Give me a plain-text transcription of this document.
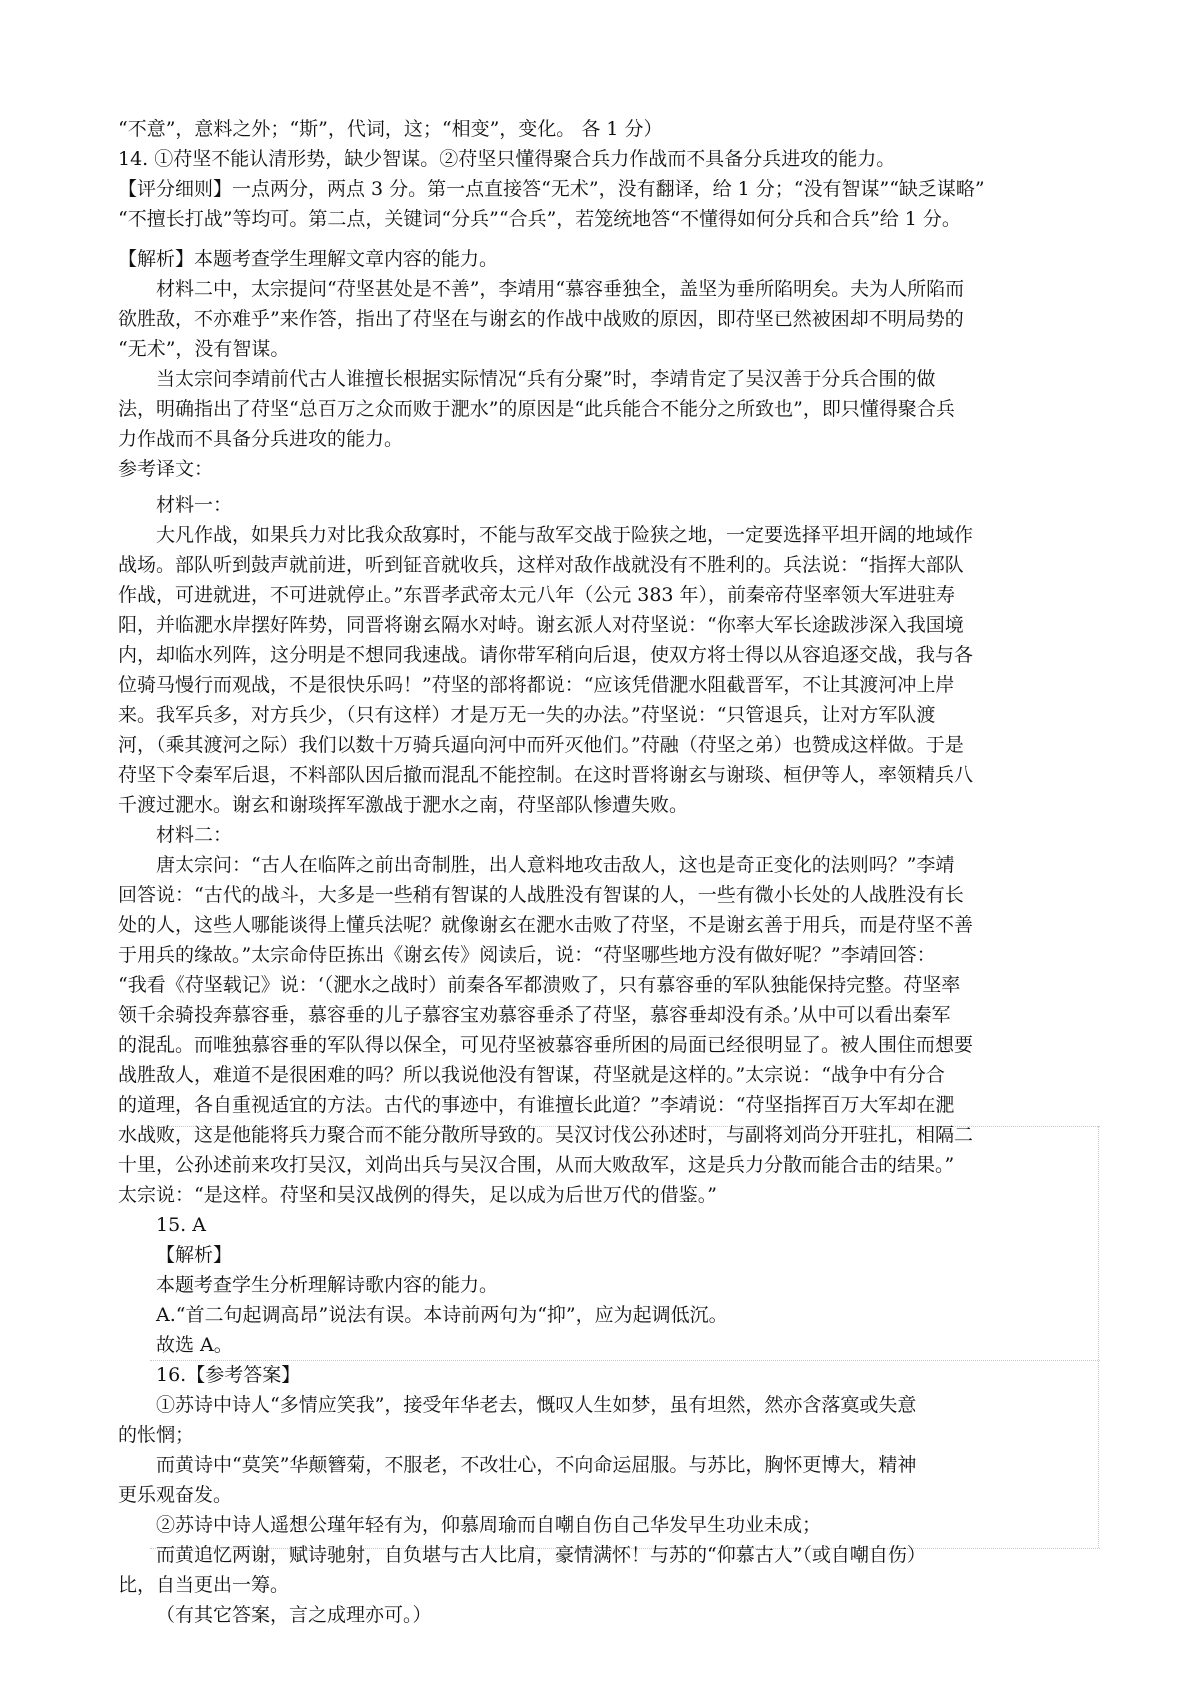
“不意”，意料之外；“斯”，代词，这；“相变”，变化。 各 1 分）

14. ①苻坚不能认清形势，缺少智谋。②苻坚只懂得聚合兵力作战而不具备分兵进攻的能力。

【评分细则】一点两分，两点 3 分。第一点直接答“无术”，没有翻译，给 1 分；“没有智谋”“缺乏谋略”

“不擅长打战”等均可。第二点，关键词“分兵”“合兵”，若笼统地答“不懂得如何分兵和合兵”给 1 分。

【解析】本题考查学生理解文章内容的能力。

材料二中，太宗提问“苻坚甚处是不善”，李靖用“慕容垂独全，盖坚为垂所陷明矣。夫为人所陷而

欲胜敌，不亦难乎”来作答，指出了苻坚在与谢玄的作战中战败的原因，即苻坚已然被困却不明局势的

“无术”，没有智谋。

当太宗问李靖前代古人谁擅长根据实际情况“兵有分聚”时，李靖肯定了吴汉善于分兵合围的做

法，明确指出了苻坚“总百万之众而败于淝水”的原因是“此兵能合不能分之所致也”，即只懂得聚合兵

力作战而不具备分兵进攻的能力。

参考译文：

材料一：

大凡作战，如果兵力对比我众敌寡时，不能与敌军交战于险狭之地，一定要选择平坦开阔的地域作

战场。部队听到鼓声就前进，听到钲音就收兵，这样对敌作战就没有不胜利的。兵法说：“指挥大部队

作战，可进就进，不可进就停止。”东晋孝武帝太元八年（公元 383 年），前秦帝苻坚率领大军进驻寿

阳，并临淝水岸摆好阵势，同晋将谢玄隔水对峙。谢玄派人对苻坚说：“你率大军长途跋涉深入我国境

内，却临水列阵，这分明是不想同我速战。请你带军稍向后退，使双方将士得以从容追逐交战，我与各

位骑马慢行而观战，不是很快乐吗！”苻坚的部将都说：“应该凭借淝水阻截晋军，不让其渡河冲上岸

来。我军兵多，对方兵少，（只有这样）才是万无一失的办法。”苻坚说：“只管退兵，让对方军队渡

河，（乘其渡河之际）我们以数十万骑兵逼向河中而歼灭他们。”苻融（苻坚之弟）也赞成这样做。于是

苻坚下令秦军后退，不料部队因后撤而混乱不能控制。在这时晋将谢玄与谢琰、桓伊等人，率领精兵八

千渡过淝水。谢玄和谢琰挥军激战于淝水之南，苻坚部队惨遭失败。

材料二：

唐太宗问：“古人在临阵之前出奇制胜，出人意料地攻击敌人，这也是奇正变化的法则吗？”李靖

回答说：“古代的战斗，大多是一些稍有智谋的人战胜没有智谋的人，一些有微小长处的人战胜没有长

处的人，这些人哪能谈得上懂兵法呢？就像谢玄在淝水击败了苻坚，不是谢玄善于用兵，而是苻坚不善

于用兵的缘故。”太宗命侍臣拣出《谢玄传》阅读后，说：“苻坚哪些地方没有做好呢？”李靖回答：

“我看《苻坚载记》说：‘（淝水之战时）前秦各军都溃败了，只有慕容垂的军队独能保持完整。苻坚率

领千余骑投奔慕容垂，慕容垂的儿子慕容宝劝慕容垂杀了苻坚，慕容垂却没有杀。’从中可以看出秦军

的混乱。而唯独慕容垂的军队得以保全，可见苻坚被慕容垂所困的局面已经很明显了。被人围住而想要

战胜敌人，难道不是很困难的吗？所以我说他没有智谋，苻坚就是这样的。”太宗说：“战争中有分合

的道理，各自重视适宜的方法。古代的事迹中，有谁擅长此道？”李靖说：“苻坚指挥百万大军却在淝

水战败，这是他能将兵力聚合而不能分散所导致的。吴汉讨伐公孙述时，与副将刘尚分开驻扎，相隔二

十里，公孙述前来攻打吴汉，刘尚出兵与吴汉合围，从而大败敌军，这是兵力分散而能合击的结果。”

太宗说：“是这样。苻坚和吴汉战例的得失，足以成为后世万代的借鉴。”

15. A

【解析】

本题考查学生分析理解诗歌内容的能力。

A.“首二句起调高昂”说法有误。本诗前两句为“抑”，应为起调低沉。

故选 A。

16.【参考答案】

①苏诗中诗人“多情应笑我”，接受年华老去，慨叹人生如梦，虽有坦然，然亦含落寞或失意

的怅惘；

而黄诗中“莫笑”华颠簪菊，不服老，不改壮心，不向命运屈服。与苏比，胸怀更博大，精神

更乐观奋发。

②苏诗中诗人遥想公瑾年轻有为，仰慕周瑜而自嘲自伤自己华发早生功业未成；

而黄追忆两谢，赋诗驰射，自负堪与古人比肩，豪情满怀！与苏的“仰慕古人”（或自嘲自伤）

比，自当更出一筹。

（有其它答案，言之成理亦可。）
